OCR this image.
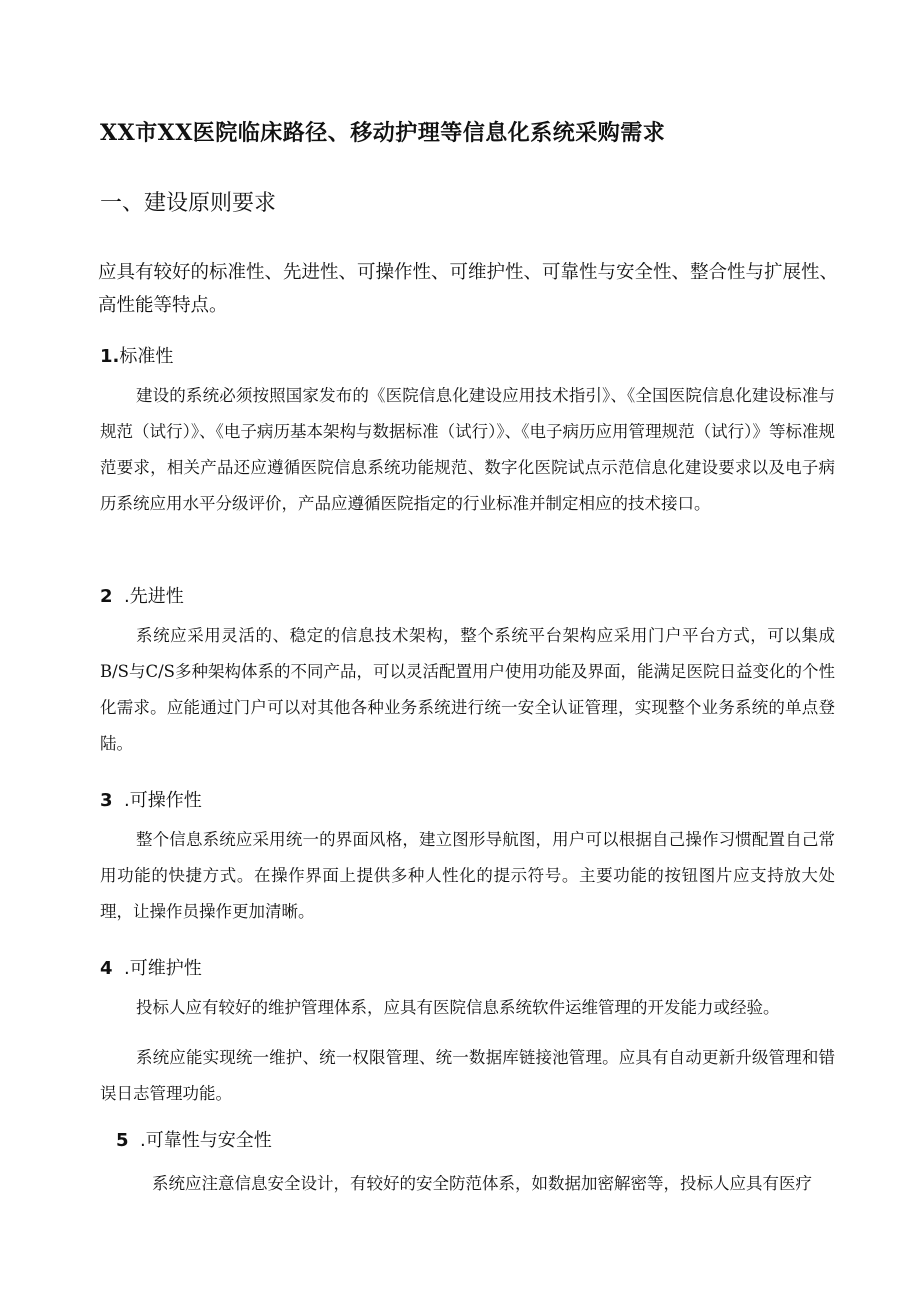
XX市XX医院临床路径、移动护理等信息化系统采购需求
一、建设原则要求
应具有较好的标准性、先进性、可操作性、可维护性、可靠性与安全性、整合性与扩展性、高性能等特点。
1.标准性
建设的系统必须按照国家发布的《医院信息化建设应用技术指引》、《全国医院信息化建设标准与规范（试行）》、《电子病历基本架构与数据标准（试行）》、《电子病历应用管理规范（试行）》等标准规范要求，相关产品还应遵循医院信息系统功能规范、数字化医院试点示范信息化建设要求以及电子病历系统应用水平分级评价，产品应遵循医院指定的行业标准并制定相应的技术接口。
2 .先进性
系统应采用灵活的、稳定的信息技术架构，整个系统平台架构应采用门户平台方式，可以集成B/S与C/S多种架构体系的不同产品，可以灵活配置用户使用功能及界面，能满足医院日益变化的个性化需求。应能通过门户可以对其他各种业务系统进行统一安全认证管理，实现整个业务系统的单点登陆。
3 .可操作性
整个信息系统应采用统一的界面风格，建立图形导航图，用户可以根据自己操作习惯配置自己常用功能的快捷方式。在操作界面上提供多种人性化的提示符号。主要功能的按钮图片应支持放大处理，让操作员操作更加清晰。
4 .可维护性
投标人应有较好的维护管理体系，应具有医院信息系统软件运维管理的开发能力或经验。
系统应能实现统一维护、统一权限管理、统一数据库链接池管理。应具有自动更新升级管理和错误日志管理功能。
5 .可靠性与安全性
系统应注意信息安全设计，有较好的安全防范体系，如数据加密解密等，投标人应具有医疗
